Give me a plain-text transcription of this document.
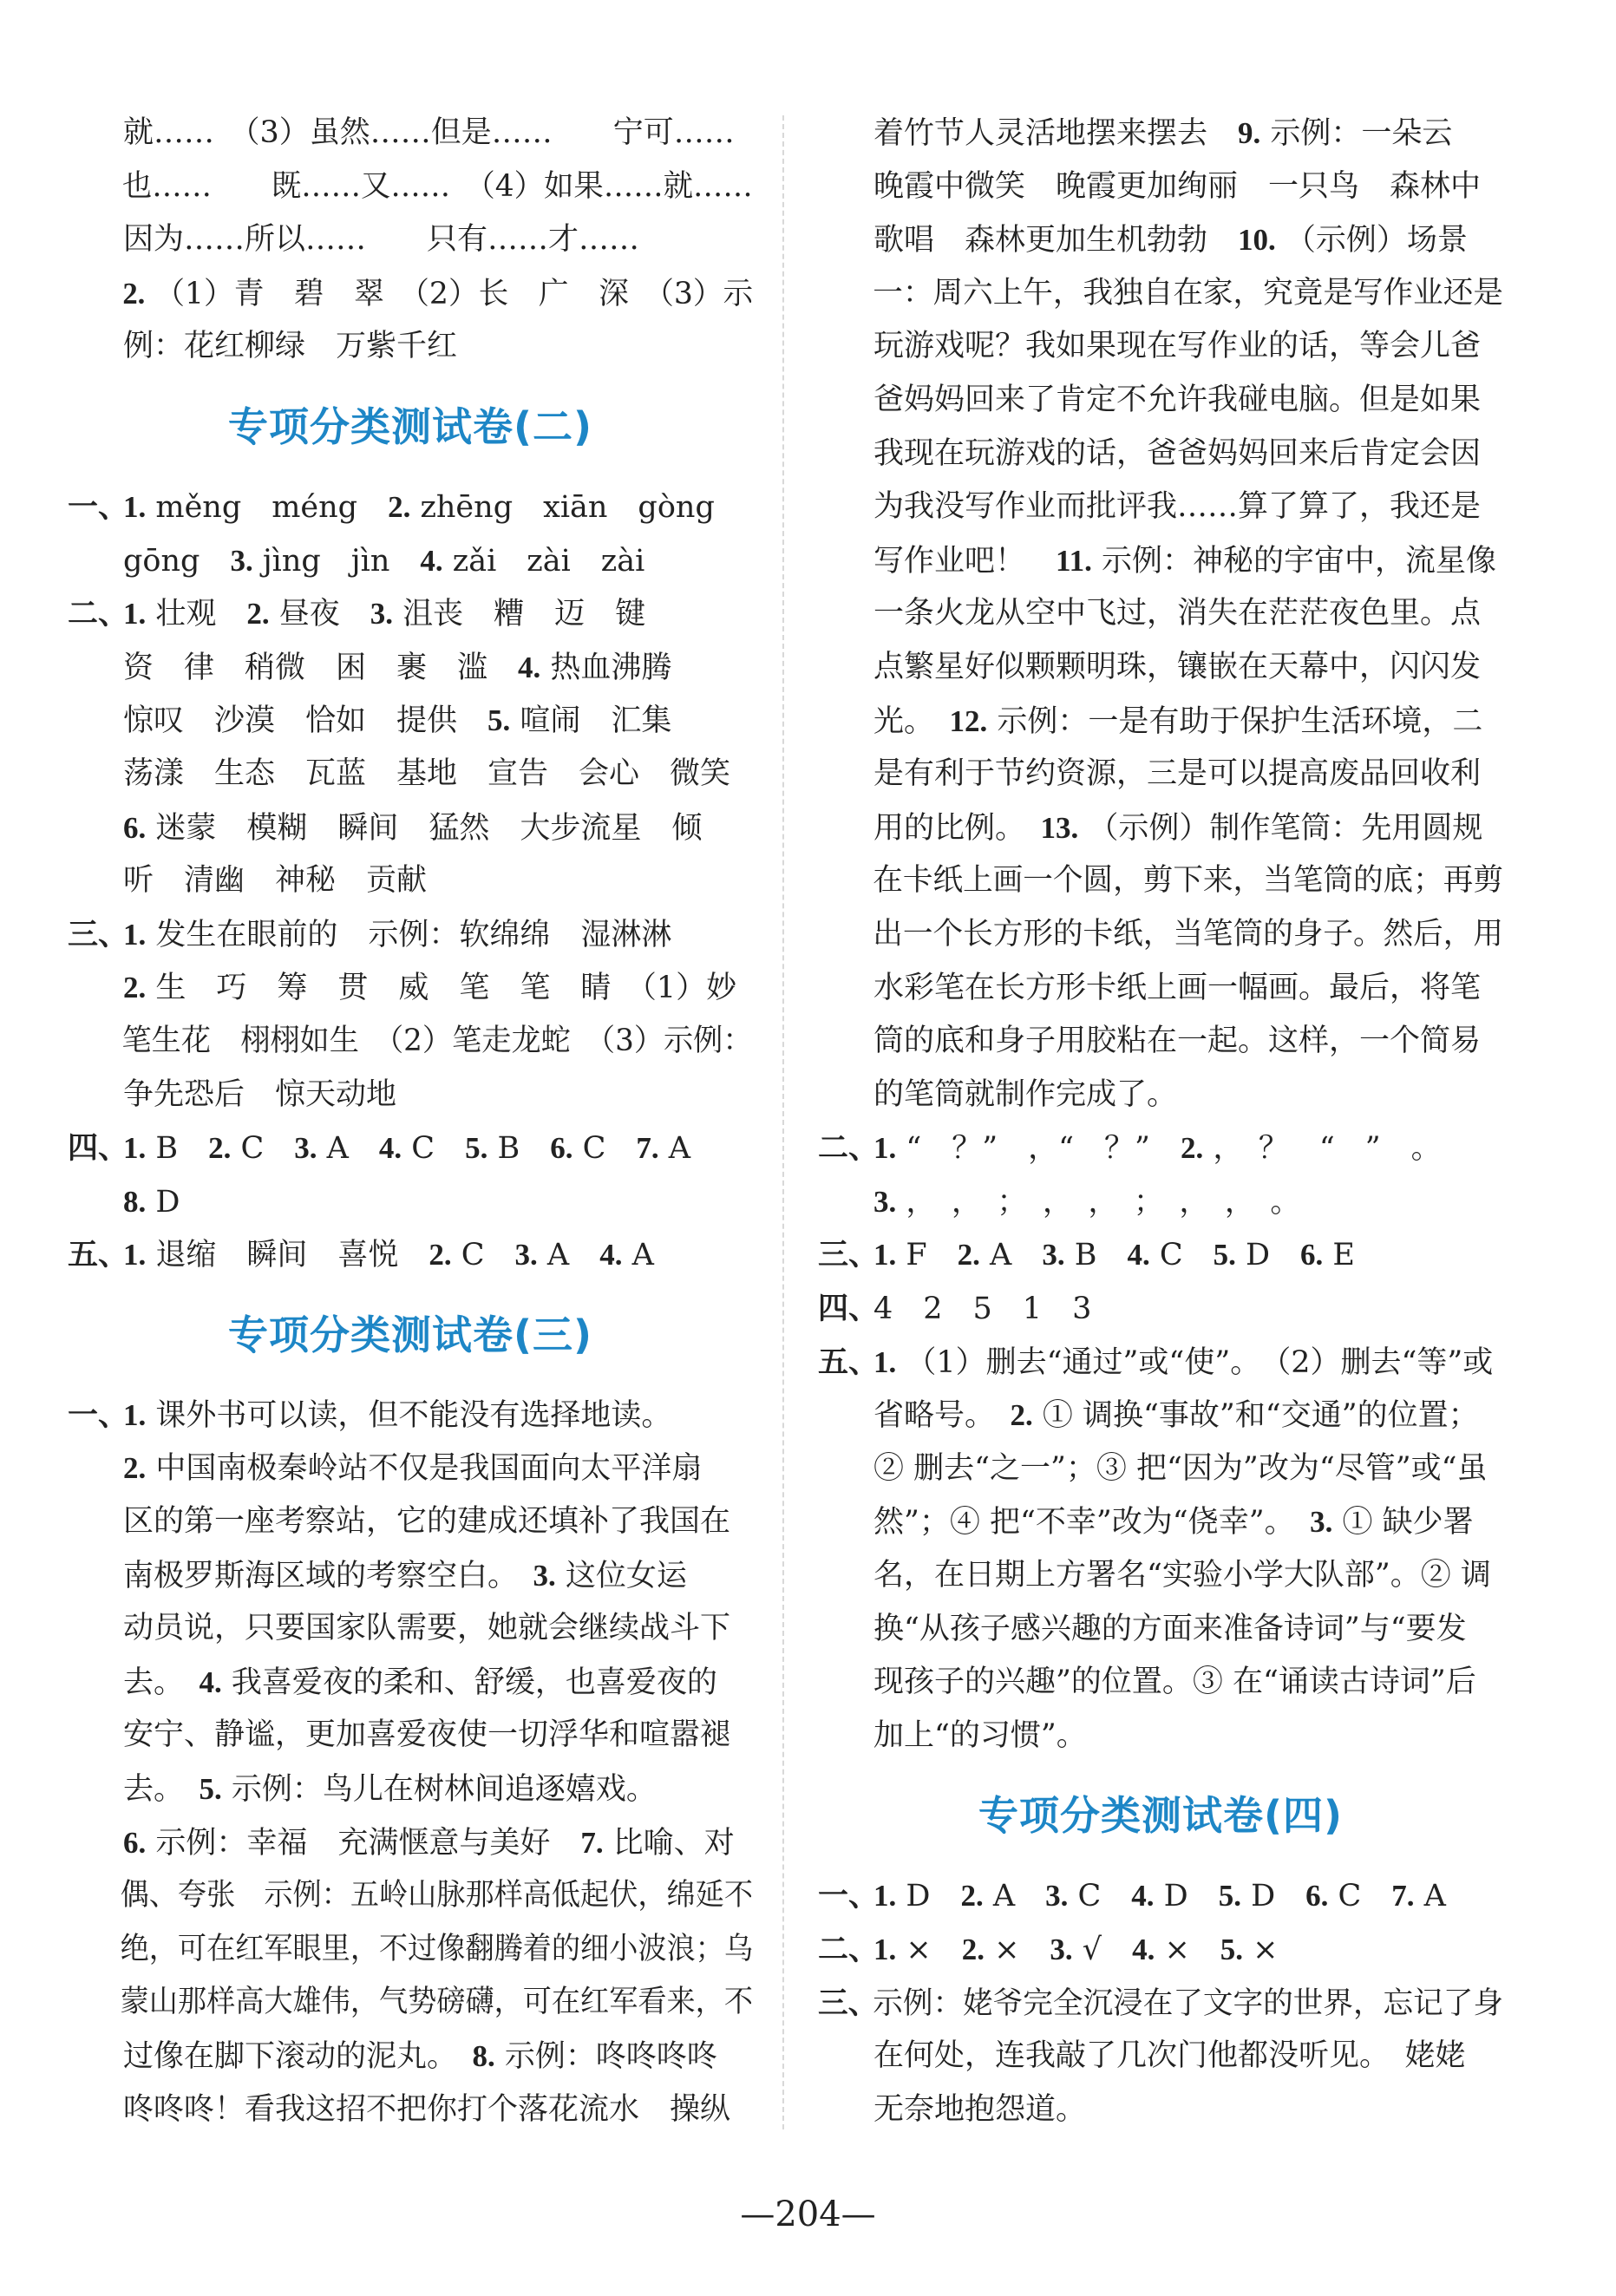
就……　（3）虽然……但是……　　宁可……
也……　　既……又……　（4）如果……就……
因为……所以……　　只有……才……
2. （1）青　碧　翠　（2）长　广　深　（3）示
例：花红柳绿　万紫千红
专项分类测试卷(二)
一、1. měng　méng　2. zhēng　xiān　gòng
gōng　3. jìng　jìn　4. zǎi　zài　zài
二、1. 壮观　2. 昼夜　3. 沮丧　糟　迈　键
资　律　稍微　困　裹　滥　4. 热血沸腾
惊叹　沙漠　恰如　提供　5. 喧闹　汇集
荡漾　生态　瓦蓝　基地　宣告　会心　微笑
6. 迷蒙　模糊　瞬间　猛然　大步流星　倾
听　清幽　神秘　贡献
三、1. 发生在眼前的　示例：软绵绵　湿淋淋
2. 生　巧　筹　贯　威　笔　笔　睛　（1）妙
笔生花　栩栩如生　（2）笔走龙蛇　（3）示例：
争先恐后　惊天动地
四、1. B　2. C　3. A　4. C　5. B　6. C　7. A
8. D
五、1. 退缩　瞬间　喜悦　2. C　3. A　4. A
专项分类测试卷(三)
一、1. 课外书可以读，但不能没有选择地读。
2. 中国南极秦岭站不仅是我国面向太平洋扇
区的第一座考察站，它的建成还填补了我国在
南极罗斯海区域的考察空白。　3. 这位女运
动员说，只要国家队需要，她就会继续战斗下
去。　4. 我喜爱夜的柔和、舒缓，也喜爱夜的
安宁、静谧，更加喜爱夜使一切浮华和喧嚣褪
去。　5. 示例：鸟儿在树林间追逐嬉戏。
6. 示例：幸福　充满惬意与美好　7. 比喻、对
偶、夸张　示例：五岭山脉那样高低起伏，绵延不
绝，可在红军眼里，不过像翻腾着的细小波浪；乌
蒙山那样高大雄伟，气势磅礴，可在红军看来，不
过像在脚下滚动的泥丸。　8. 示例：咚咚咚咚
咚咚咚！看我这招不把你打个落花流水　操纵
着竹节人灵活地摆来摆去　9. 示例：一朵云
晚霞中微笑　晚霞更加绚丽　一只鸟　森林中
歌唱　森林更加生机勃勃　10. （示例）场景
一：周六上午，我独自在家，究竟是写作业还是
玩游戏呢？我如果现在写作业的话，等会儿爸
爸妈妈回来了肯定不允许我碰电脑。但是如果
我现在玩游戏的话，爸爸妈妈回来后肯定会因
为我没写作业而批评我……算了算了，我还是
写作业吧！　11. 示例：神秘的宇宙中，流星像
一条火龙从空中飞过，消失在茫茫夜色里。点
点繁星好似颗颗明珠，镶嵌在天幕中，闪闪发
光。　12. 示例：一是有助于保护生活环境，二
是有利于节约资源，三是可以提高废品回收利
用的比例。　13. （示例）制作笔筒：先用圆规
在卡纸上画一个圆，剪下来，当笔筒的底；再剪
出一个长方形的卡纸，当笔筒的身子。然后，用
水彩笔在长方形卡纸上画一幅画。最后，将笔
筒的底和身子用胶粘在一起。这样，一个简易
的笔筒就制作完成了。
二、1. “　？”　，“　？”　2. ，　？　“　”　。
3. ，　，　；　，　，　；　，　，　。
三、1. F　2. A　3. B　4. C　5. D　6. E
四、4　2　5　1　3
五、1. （1）删去“通过”或“使”。　（2）删去“等”或
省略号。　2. ① 调换“事故”和“交通”的位置；
② 删去“之一”；③ 把“因为”改为“尽管”或“虽
然”；④ 把“不幸”改为“侥幸”。　3. ① 缺少署
名，在日期上方署名“实验小学大队部”。② 调
换“从孩子感兴趣的方面来准备诗词”与“要发
现孩子的兴趣”的位置。③ 在“诵读古诗词”后
加上“的习惯”。
专项分类测试卷(四)
一、1. D　2. A　3. C　4. D　5. D　6. C　7. A
二、1. ×　2. ×　3. √　4. ×　5. ×
三、示例：姥爷完全沉浸在了文字的世界，忘记了身
在何处，连我敲了几次门他都没听见。　姥姥
无奈地抱怨道。
—204—
